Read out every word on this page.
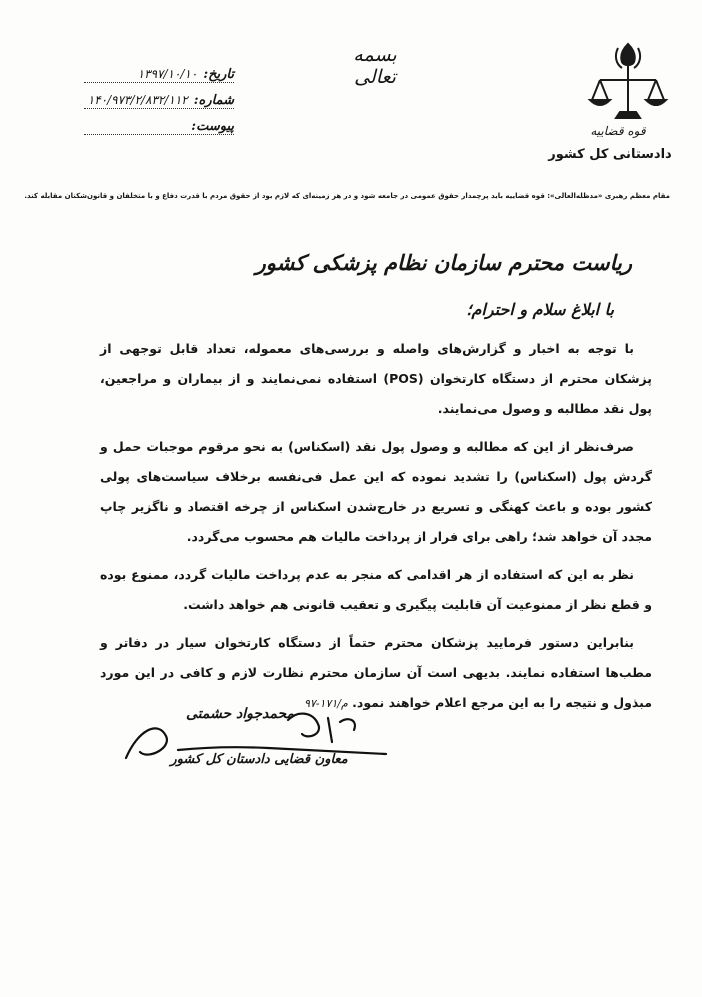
قوه قضاییه
دادستانی کل کشور
بسمه تعالی
تاریخ:
۱۳۹۷/۱۰/۱۰
شماره:
۱۴۰/۹۷۳/۲/۸۳۲/۱۱۲
پیوست:
مقام معظم رهبری «مدظله‌العالی»: قوه قضاییه باید پرچمدار حقوق عمومی در جامعه شود و در هر زمینه‌ای که لازم بود از حقوق مردم با قدرت دفاع و با متخلفان و قانون‌شکنان مقابله کند.
ریاست محترم سازمان نظام پزشکی کشور
با ابلاغ سلام و احترام؛

با توجه به اخبار و گزارش‌های واصله و بررسی‌های معموله، تعداد قابل توجهی از پزشکان محترم از دستگاه کارتخوان (POS) استفاده نمی‌نمایند و از بیماران و مراجعین، پول نقد مطالبه و وصول می‌نمایند.

صرف‌نظر از این که مطالبه و وصول پول نقد (اسکناس) به نحو مرقوم موجبات حمل و گردش پول (اسکناس) را تشدید نموده که این عمل فی‌نفسه برخلاف سیاست‌های پولی کشور بوده و باعث کهنگی و تسریع در خارج‌شدن اسکناس از چرخه اقتصاد و ناگزیر چاپ مجدد آن خواهد شد؛ راهی برای فرار از پرداخت مالیات هم محسوب می‌گردد.

نظر به این که استفاده از هر اقدامی که منجر به عدم پرداخت مالیات گردد، ممنوع بوده و قطع نظر از ممنوعیت آن قابلیت پیگیری و تعقیب قانونی هم خواهد داشت.

بنابراین دستور فرمایید پزشکان محترم حتماً از دستگاه کارتخوان سیار در دفاتر و مطب‌ها استفاده نمایند. بدیهی است آن سازمان محترم نظارت لازم و کافی در این مورد مبذول و نتیجه را به این مرجع اعلام خواهند نمود. م/۱۷۱-۹۷

محمدجواد حشمتی
معاون قضایی دادستان کل کشور
